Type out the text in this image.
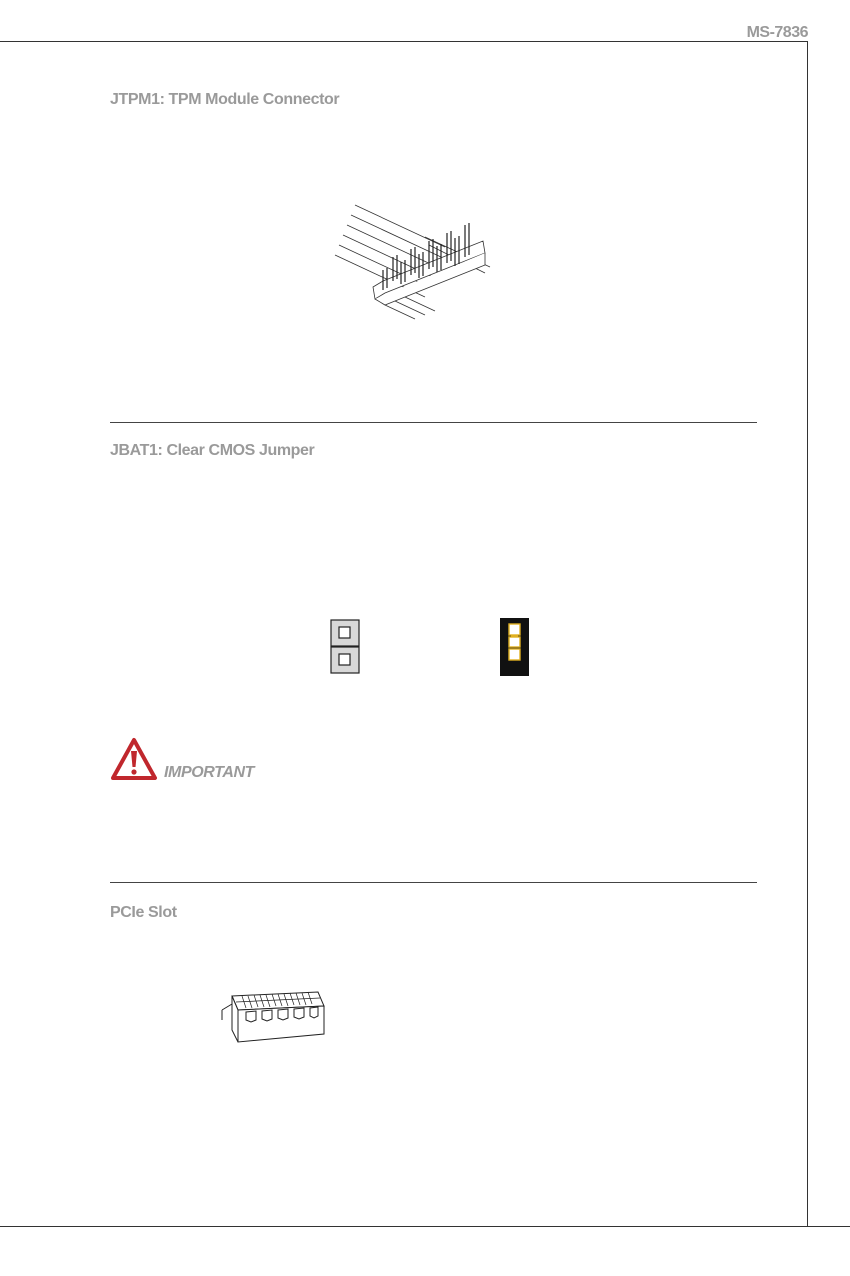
MS-7836
JTPM1: TPM Module Connector
JBAT1: Clear CMOS Jumper
IMPORTANT
PCIe Slot
